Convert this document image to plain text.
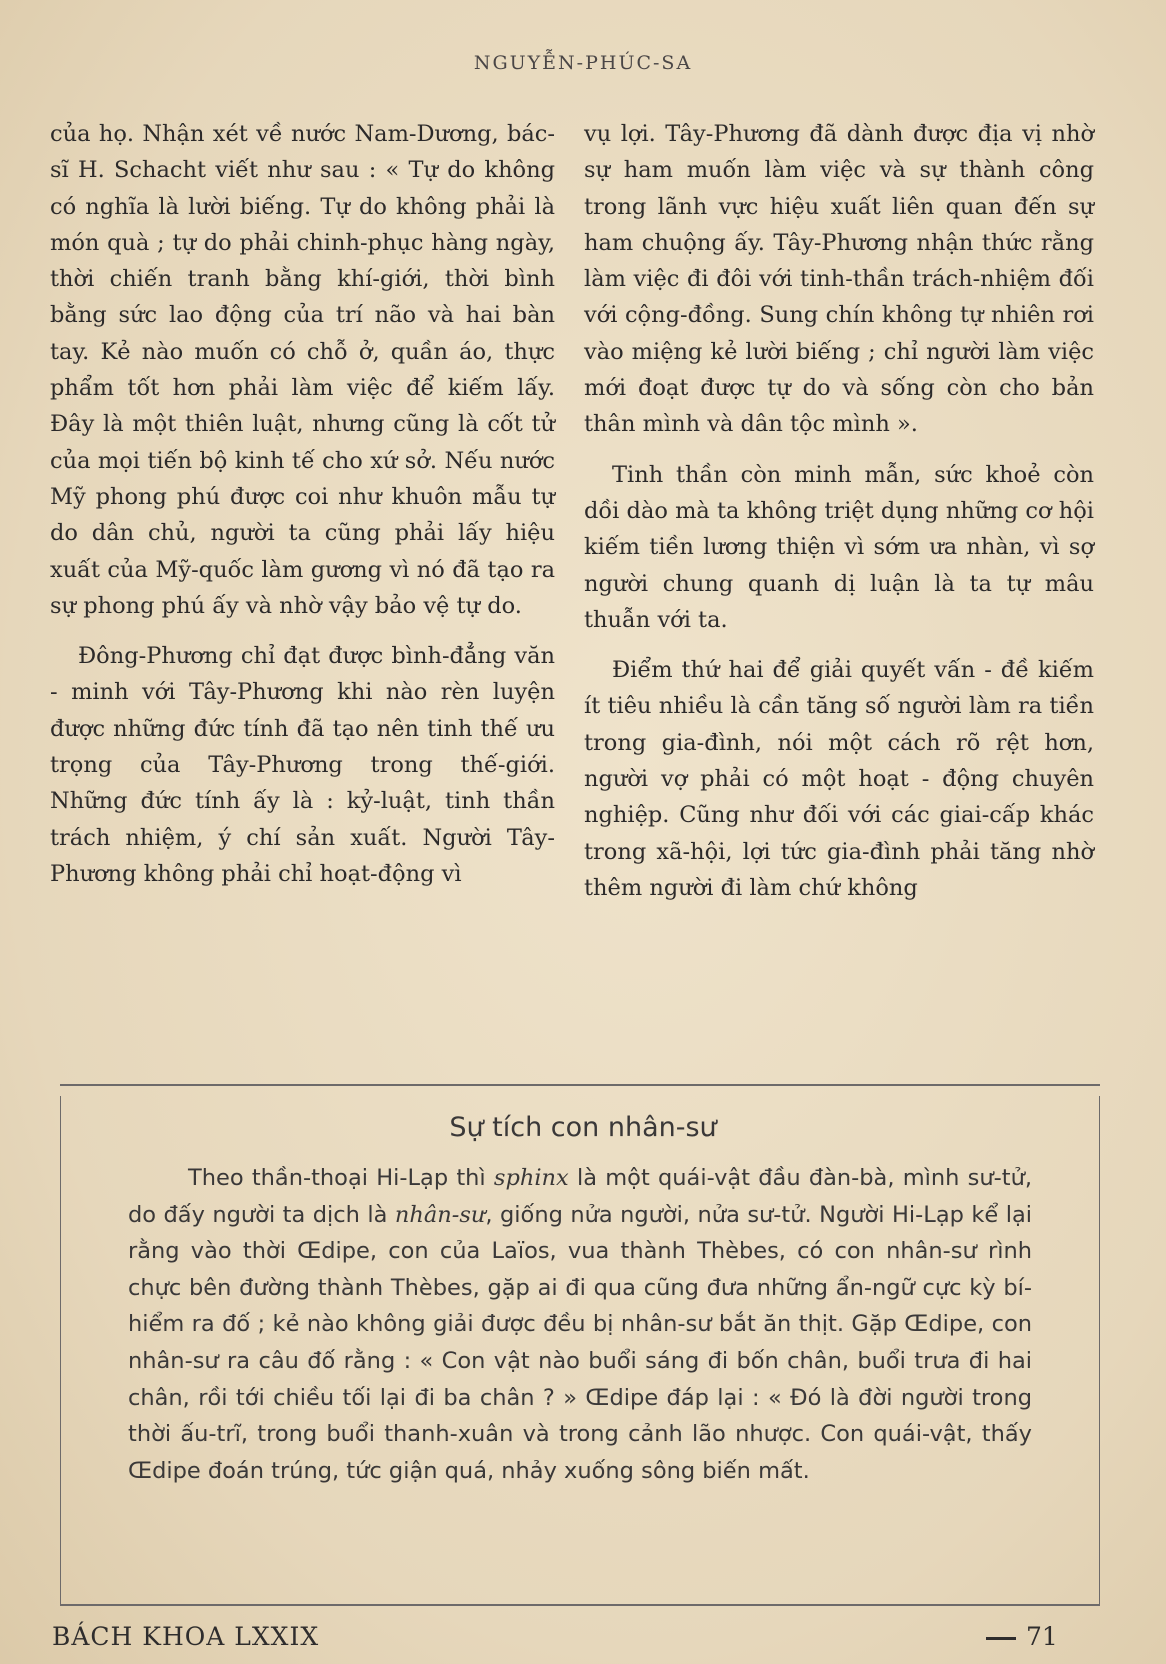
NGUYỄN-PHÚC-SA

của họ. Nhận xét về nước Nam-Dương, bác-sĩ H. Schacht viết như sau : « Tự do không có nghĩa là lười biếng. Tự do không phải là món quà ; tự do phải chinh-phục hàng ngày, thời chiến tranh bằng khí-giới, thời bình bằng sức lao động của trí não và hai bàn tay. Kẻ nào muốn có chỗ ở, quần áo, thực phẩm tốt hơn phải làm việc để kiếm lấy. Đây là một thiên luật, nhưng cũng là cốt tử của mọi tiến bộ kinh tế cho xứ sở. Nếu nước Mỹ phong phú được coi như khuôn mẫu tự do dân chủ, người ta cũng phải lấy hiệu xuất của Mỹ-quốc làm gương vì nó đã tạo ra sự phong phú ấy và nhờ vậy bảo vệ tự do.

Đông-Phương chỉ đạt được bình-đẳng văn - minh với Tây-Phương khi nào rèn luyện được những đức tính đã tạo nên tinh thế ưu trọng của Tây-Phương trong thế-giới. Những đức tính ấy là : kỷ-luật, tinh thần trách nhiệm, ý chí sản xuất. Người Tây-Phương không phải chỉ hoạt-động vì

vụ lợi. Tây-Phương đã dành được địa vị nhờ sự ham muốn làm việc và sự thành công trong lãnh vực hiệu xuất liên quan đến sự ham chuộng ấy. Tây-Phương nhận thức rằng làm việc đi đôi với tinh-thần trách-nhiệm đối với cộng-đồng. Sung chín không tự nhiên rơi vào miệng kẻ lười biếng ; chỉ người làm việc mới đoạt được tự do và sống còn cho bản thân mình và dân tộc mình ».

Tinh thần còn minh mẫn, sức khoẻ còn dồi dào mà ta không triệt dụng những cơ hội kiếm tiền lương thiện vì sớm ưa nhàn, vì sợ người chung quanh dị luận là ta tự mâu thuẫn với ta.

Điểm thứ hai để giải quyết vấn - đề kiếm ít tiêu nhiều là cần tăng số người làm ra tiền trong gia-đình, nói một cách rõ rệt hơn, người vợ phải có một hoạt - động chuyên nghiệp. Cũng như đối với các giai-cấp khác trong xã-hội, lợi tức gia-đình phải tăng nhờ thêm người đi làm chứ không

Sự tích con nhân-sư

Theo thần-thoại Hi-Lạp thì sphinx là một quái-vật đầu đàn-bà, mình sư-tử, do đấy người ta dịch là nhân-sư, giống nửa người, nửa sư-tử. Người Hi-Lạp kể lại rằng vào thời Œdipe, con của Laïos, vua thành Thèbes, có con nhân-sư rình chực bên đường thành Thèbes, gặp ai đi qua cũng đưa những ẩn-ngữ cực kỳ bí-hiểm ra đố ; kẻ nào không giải được đều bị nhân-sư bắt ăn thịt. Gặp Œdipe, con nhân-sư ra câu đố rằng : « Con vật nào buổi sáng đi bốn chân, buổi trưa đi hai chân, rồi tới chiều tối lại đi ba chân ? » Œdipe đáp lại : « Đó là đời người trong thời ấu-trĩ, trong buổi thanh-xuân và trong cảnh lão nhược. Con quái-vật, thấy Œdipe đoán trúng, tức giận quá, nhảy xuống sông biến mất.

BÁCH KHOA LXXIX	71
